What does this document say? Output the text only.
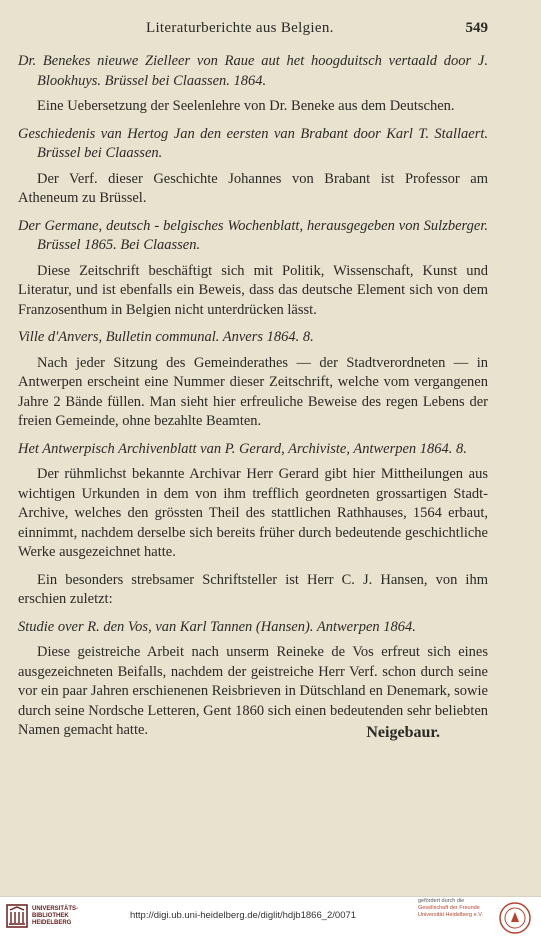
Literaturberichte aus Belgien.	549

Dr. Benekes nieuwe Zielleer von Raue aut het hoogduitsch vertaald door J. Blookhuys. Brüssel bei Claassen. 1864.

Eine Uebersetzung der Seelenlehre von Dr. Beneke aus dem Deutschen.

Geschiedenis van Hertog Jan den eersten van Brabant door Karl T. Stallaert. Brüssel bei Claassen.

Der Verf. dieser Geschichte Johannes von Brabant ist Professor am Atheneum zu Brüssel.

Der Germane, deutsch - belgisches Wochenblatt, herausgegeben von Sulzberger. Brüssel 1865. Bei Claassen.

Diese Zeitschrift beschäftigt sich mit Politik, Wissenschaft, Kunst und Literatur, und ist ebenfalls ein Beweis, dass das deutsche Element sich von dem Franzosenthum in Belgien nicht unterdrücken lässt.

Ville d'Anvers, Bulletin communal. Anvers 1864. 8.

Nach jeder Sitzung des Gemeinderathes — der Stadtverordneten — in Antwerpen erscheint eine Nummer dieser Zeitschrift, welche vom vergangenen Jahre 2 Bände füllen. Man sieht hier erfreuliche Beweise des regen Lebens der freien Gemeinde, ohne bezahlte Beamten.

Het Antwerpisch Archivenblatt van P. Gerard, Archiviste, Antwerpen 1864. 8.

Der rühmlichst bekannte Archivar Herr Gerard gibt hier Mittheilungen aus wichtigen Urkunden in dem von ihm trefflich geordneten grossartigen Stadt-Archive, welches den grössten Theil des stattlichen Rathhauses, 1564 erbaut, einnimmt, nachdem derselbe sich bereits früher durch bedeutende geschichtliche Werke ausgezeichnet hatte.

Ein besonders strebsamer Schriftsteller ist Herr C. J. Hansen, von ihm erschien zuletzt:

Studie over R. den Vos, van Karl Tannen (Hansen). Antwerpen 1864.

Diese geistreiche Arbeit nach unserm Reineke de Vos erfreut sich eines ausgezeichneten Beifalls, nachdem der geistreiche Herr Verf. schon durch seine vor ein paar Jahren erschienenen Reisbrieven in Dütschland en Denemark, sowie durch seine Nordsche Letteren, Gent 1860 sich einen bedeutenden sehr beliebten Namen gemacht hatte.	Neigebaur.
UNIVERSITÄTS-BIBLIOTHEK HEIDELBERG
http://digi.ub.uni-heidelberg.de/diglit/hdjb1866_2/0071
gefördert durch die
Gesellschaft der Freunde Universität Heidelberg e.V.
